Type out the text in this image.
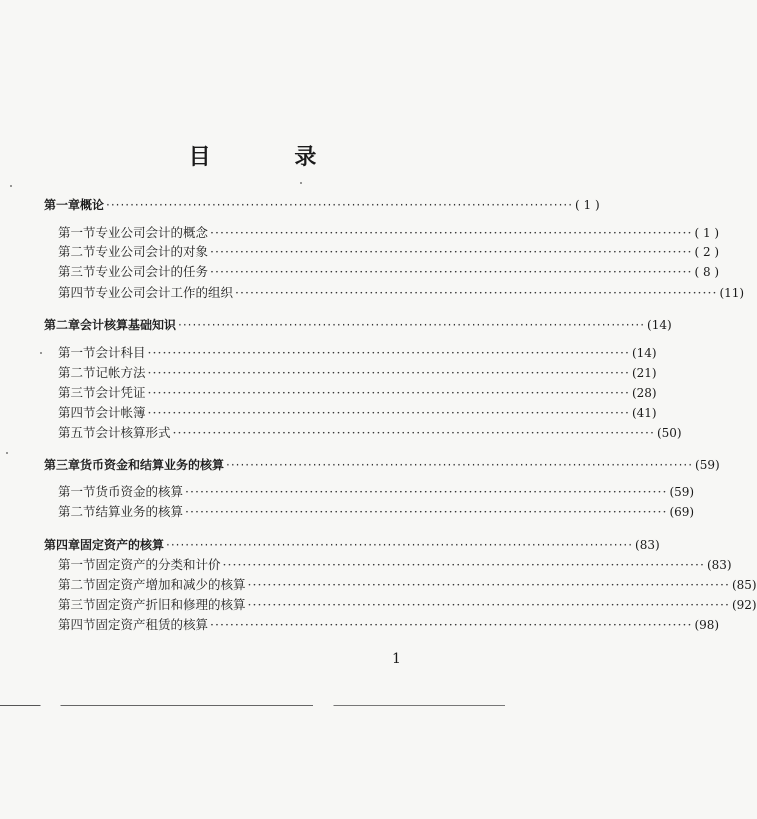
目 录
第一章 概论 ································································································· ( 1 )
第一节 专业公司会计的概念 ································································································· ( 1 )
第二节 专业公司会计的对象 ································································································· ( 2 )
第三节 专业公司会计的任务 ································································································· ( 8 )
第四节 专业公司会计工作的组织 ································································································· (11)
第二章 会计核算基础知识 ································································································· (14)
第一节 会计科目 ································································································· (14)
第二节 记帐方法 ································································································· (21)
第三节 会计凭证 ································································································· (28)
第四节 会计帐簿 ································································································· (41)
第五节 会计核算形式 ································································································· (50)
第三章 货币资金和结算业务的核算 ································································································· (59)
第一节 货币资金的核算 ································································································· (59)
第二节 结算业务的核算 ································································································· (69)
第四章 固定资产的核算 ································································································· (83)
第一节 固定资产的分类和计价 ································································································· (83)
第二节 固定资产增加和减少的核算 ································································································· (85)
第三节 固定资产折旧和修理的核算 ································································································· (92)
第四节 固定资产租赁的核算 ································································································· (98)
1
